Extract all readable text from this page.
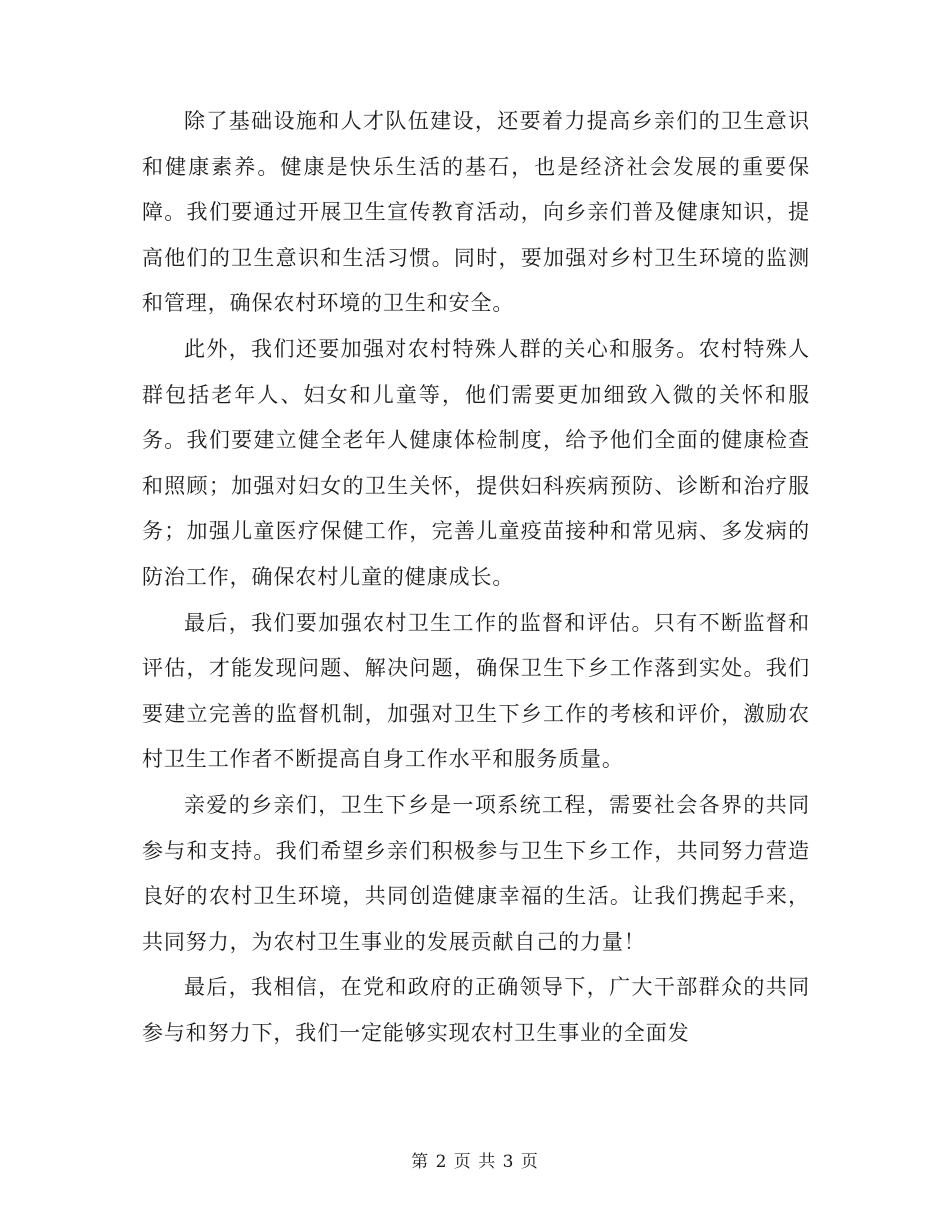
除了基础设施和人才队伍建设，还要着力提高乡亲们的卫生意识和健康素养。健康是快乐生活的基石，也是经济社会发展的重要保障。我们要通过开展卫生宣传教育活动，向乡亲们普及健康知识，提高他们的卫生意识和生活习惯。同时，要加强对乡村卫生环境的监测和管理，确保农村环境的卫生和安全。

此外，我们还要加强对农村特殊人群的关心和服务。农村特殊人群包括老年人、妇女和儿童等，他们需要更加细致入微的关怀和服务。我们要建立健全老年人健康体检制度，给予他们全面的健康检查和照顾；加强对妇女的卫生关怀，提供妇科疾病预防、诊断和治疗服务；加强儿童医疗保健工作，完善儿童疫苗接种和常见病、多发病的防治工作，确保农村儿童的健康成长。

最后，我们要加强农村卫生工作的监督和评估。只有不断监督和评估，才能发现问题、解决问题，确保卫生下乡工作落到实处。我们要建立完善的监督机制，加强对卫生下乡工作的考核和评价，激励农村卫生工作者不断提高自身工作水平和服务质量。

亲爱的乡亲们，卫生下乡是一项系统工程，需要社会各界的共同参与和支持。我们希望乡亲们积极参与卫生下乡工作，共同努力营造良好的农村卫生环境，共同创造健康幸福的生活。让我们携起手来，共同努力，为农村卫生事业的发展贡献自己的力量！

最后，我相信，在党和政府的正确领导下，广大干部群众的共同参与和努力下，我们一定能够实现农村卫生事业的全面发

第 2 页 共 3 页
